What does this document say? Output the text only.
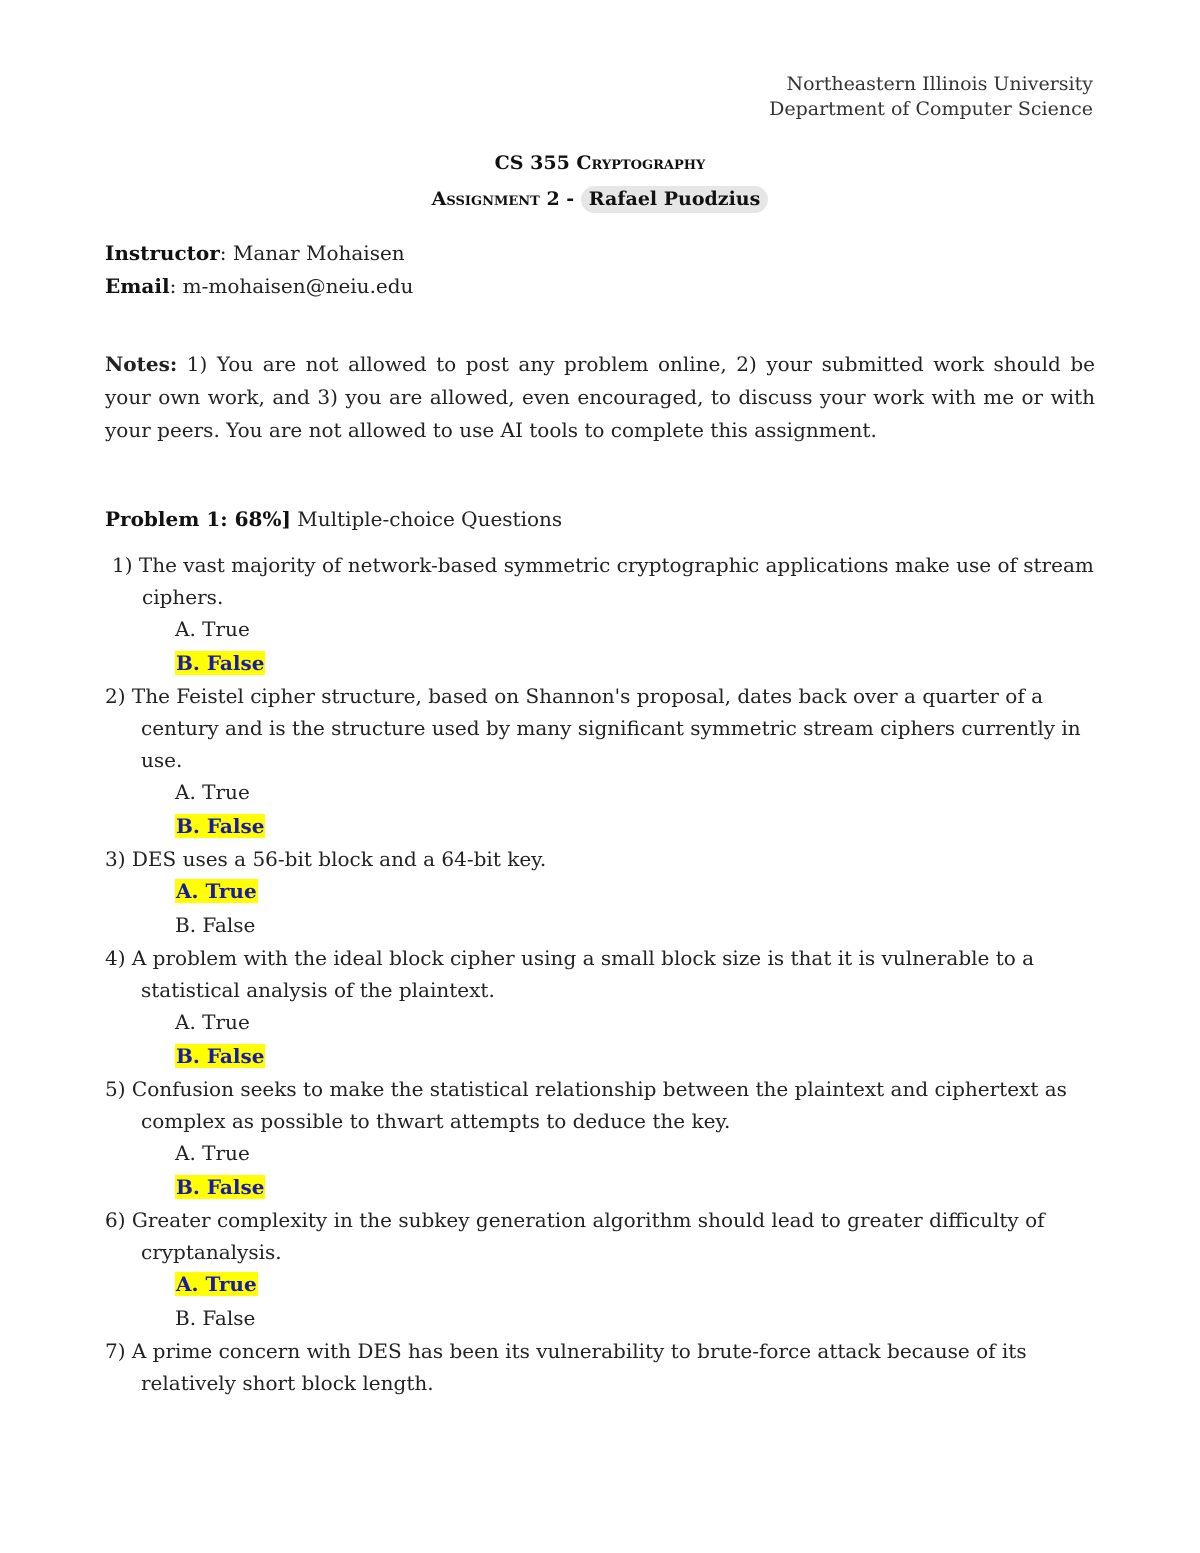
Northeastern Illinois University
Department of Computer Science
CS 355 Cryptography
Assignment 2 - Rafael Puodzius
Instructor: Manar Mohaisen
Email: m-mohaisen@neiu.edu
Notes: 1) You are not allowed to post any problem online, 2) your submitted work should be your own work, and 3) you are allowed, even encouraged, to discuss your work with me or with your peers. You are not allowed to use AI tools to complete this assignment.
Problem 1: 68%] Multiple-choice Questions
1) The vast majority of network-based symmetric cryptographic applications make use of stream ciphers.
A. True
B. False
2) The Feistel cipher structure, based on Shannon's proposal, dates back over a quarter of a century and is the structure used by many significant symmetric stream ciphers currently in use.
A. True
B. False
3) DES uses a 56-bit block and a 64-bit key.
A. True
B. False
4) A problem with the ideal block cipher using a small block size is that it is vulnerable to a statistical analysis of the plaintext.
A. True
B. False
5) Confusion seeks to make the statistical relationship between the plaintext and ciphertext as complex as possible to thwart attempts to deduce the key.
A. True
B. False
6) Greater complexity in the subkey generation algorithm should lead to greater difficulty of cryptanalysis.
A. True
B. False
7) A prime concern with DES has been its vulnerability to brute-force attack because of its relatively short block length.
